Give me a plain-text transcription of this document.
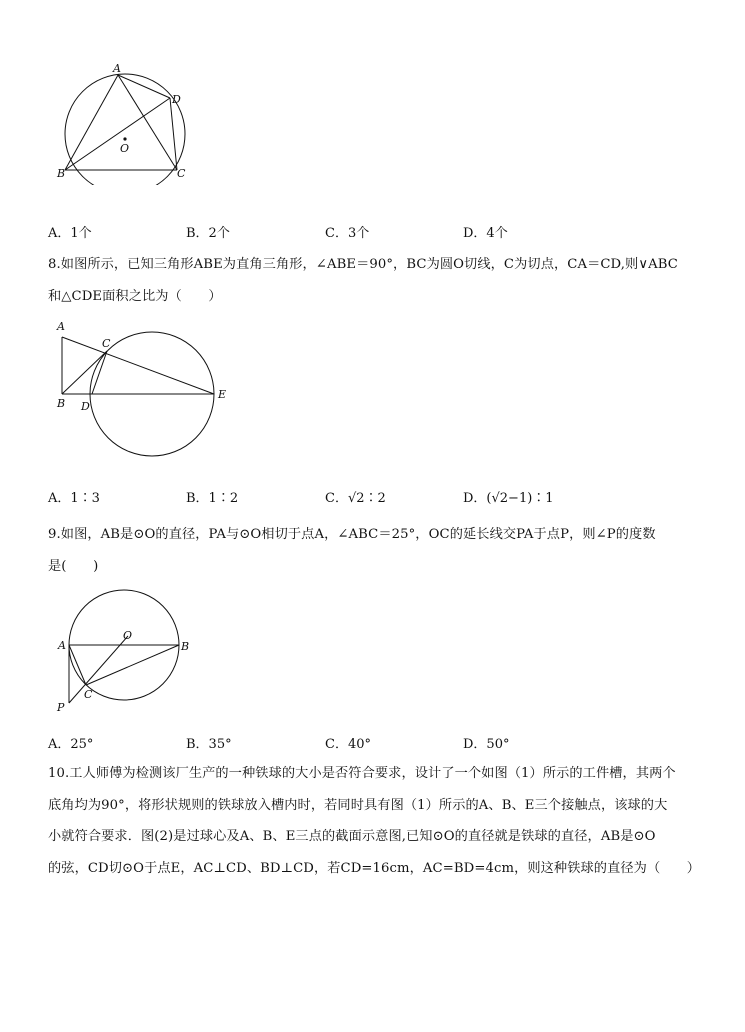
A
D
O
B	C
A．1个	B．2个	C．3个	D．4个
8.如图所示，已知三角形ABE为直角三角形，∠ABE＝90°，BC为圆O切线，C为切点，CA＝CD,则∨ABC
和△CDE面积之比为（　　）
A
C
E
B D
A．1∶3	B．1∶2	C．√2∶2	D．(√2−1)∶1
9.如图，AB是⊙O的直径，PA与⊙O相切于点A，∠ABC＝25°，OC的延长线交PA于点P，则∠P的度数
是(　　)
O
A	B
C
P
A．25°	B．35°	C．40°	D．50°
10.工人师傅为检测该厂生产的一种铁球的大小是否符合要求，设计了一个如图（1）所示的工件槽，其两个
底角均为90°，将形状规则的铁球放入槽内时，若同时具有图（1）所示的A、B、E三个接触点，该球的大
小就符合要求．图(2)是过球心及A、B、E三点的截面示意图,已知⊙O的直径就是铁球的直径，AB是⊙O
的弦，CD切⊙O于点E，AC⊥CD、BD⊥CD，若CD=16cm，AC=BD=4cm，则这种铁球的直径为（　　）
